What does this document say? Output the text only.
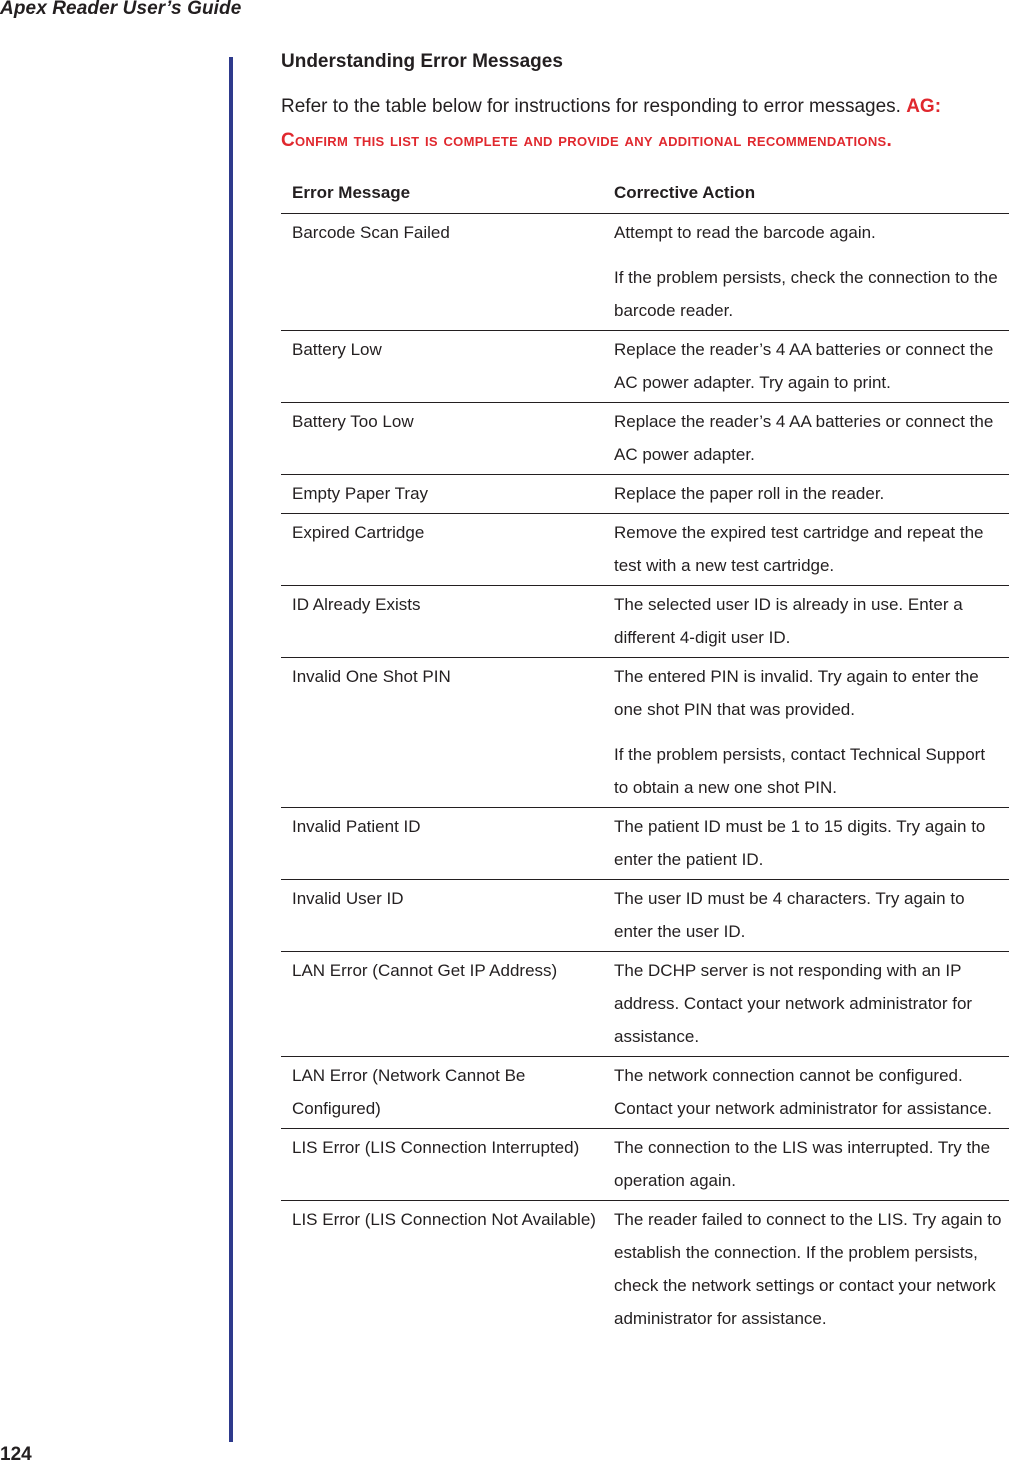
Apex Reader User’s Guide
Understanding Error Messages

Refer to the table below for instructions for responding to error messages. AG: Confirm this list is complete and provide any additional recommendations.

Error Message	Corrective Action
Barcode Scan Failed	Attempt to read the barcode again.

If the problem persists, check the connection to the barcode reader.

Battery Low	Replace the reader’s 4 AA batteries or connect the AC power adapter. Try again to print.

Battery Too Low	Replace the reader’s 4 AA batteries or connect the AC power adapter.

Empty Paper Tray	Replace the paper roll in the reader.

Expired Cartridge	Remove the expired test cartridge and repeat the test with a new test cartridge.

ID Already Exists	The selected user ID is already in use. Enter a different 4-digit user ID.

Invalid One Shot PIN	The entered PIN is invalid. Try again to enter the one shot PIN that was provided.

If the problem persists, contact Technical Support to obtain a new one shot PIN.

Invalid Patient ID	The patient ID must be 1 to 15 digits. Try again to enter the patient ID.

Invalid User ID	The user ID must be 4 characters. Try again to enter the user ID.

LAN Error (Cannot Get IP Address)	The DCHP server is not responding with an IP address. Contact your network administrator for assistance.

LAN Error (Network Cannot Be Configured)	The network connection cannot be configured. Contact your network administrator for assistance.

LIS Error (LIS Connection Interrupted)	The connection to the LIS was interrupted. Try the operation again.

LIS Error (LIS Connection Not Available)	The reader failed to connect to the LIS. Try again to establish the connection. If the problem persists, check the network settings or contact your network administrator for assistance.

124
